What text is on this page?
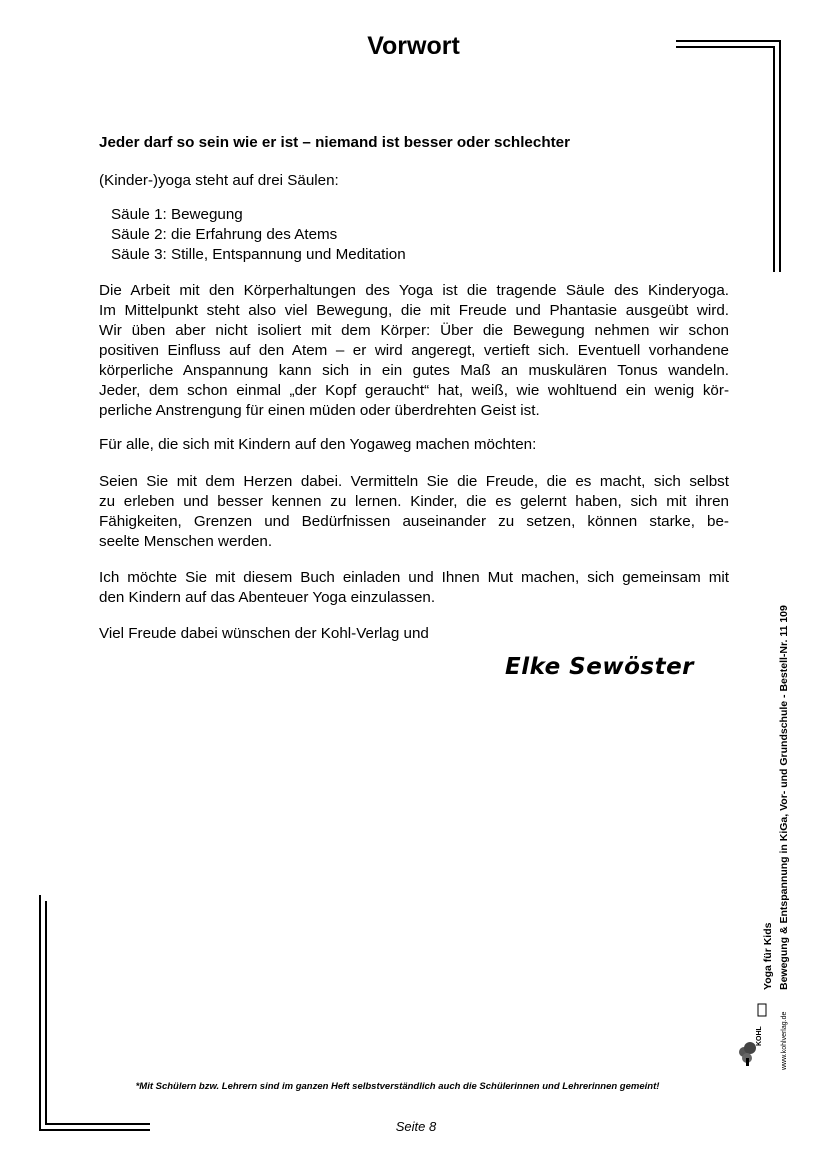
Vorwort
Jeder darf so sein wie er ist – niemand ist besser oder schlechter
(Kinder-)yoga steht auf drei Säulen:
Säule 1: Bewegung
Säule 2: die Erfahrung des Atems
Säule 3: Stille, Entspannung und Meditation
Die Arbeit mit den Körperhaltungen des Yoga ist die tragende Säule des Kinderyoga.
Im Mittelpunkt steht also viel Bewegung, die mit Freude und Phantasie ausgeübt wird.
Wir üben aber nicht isoliert mit dem Körper: Über die Bewegung nehmen wir schon
positiven Einfluss auf den Atem – er wird angeregt, vertieft sich. Eventuell vorhandene
körperliche Anspannung kann sich in ein gutes Maß an muskulären Tonus wandeln.
Jeder, dem schon einmal „der Kopf geraucht“ hat, weiß, wie wohltuend ein wenig kör-
perliche Anstrengung für einen müden oder überdrehten Geist ist.
Für alle, die sich mit Kindern auf den Yogaweg machen möchten:
Seien Sie mit dem Herzen dabei. Vermitteln Sie die Freude, die es macht, sich selbst
zu erleben und besser kennen zu lernen. Kinder, die es gelernt haben, sich mit ihren
Fähigkeiten, Grenzen und Bedürfnissen auseinander zu setzen, können starke, be-
seelte Menschen werden.
Ich möchte Sie mit diesem Buch einladen und Ihnen Mut machen, sich gemeinsam mit
den Kindern auf das Abenteuer Yoga einzulassen.
Viel Freude dabei wünschen der Kohl-Verlag und
Elke Sewöster	Bewegung & Entspannung in KiGa, Vor- und Grundschule - Bestell-Nr. 11 109
Yoga für Kids
www.kohlverlag.de
KOHL
*Mit Schülern bzw. Lehrern sind im ganzen Heft selbstverständlich auch die Schülerinnen und Lehrerinnen gemeint!
Seite 8
